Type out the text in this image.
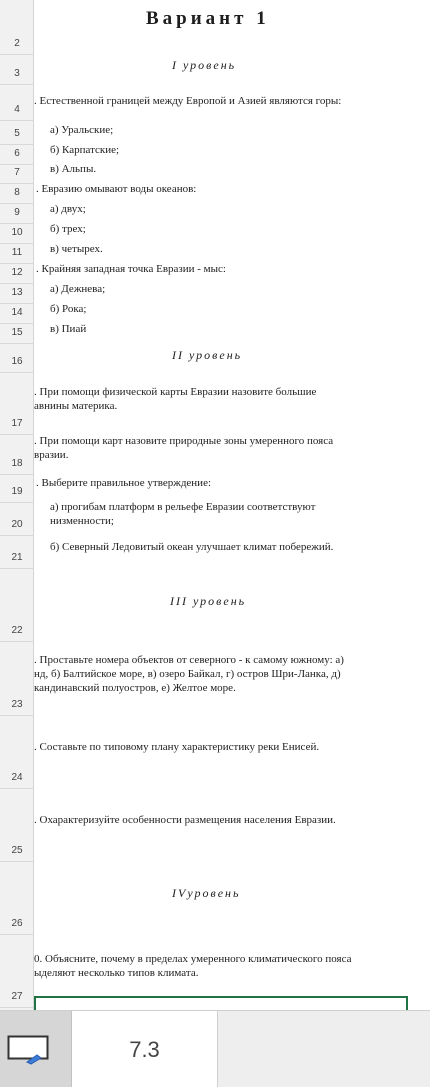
2
3
4
5
6
7
8
9
10
11
12
13
14
15
16
17
18
19
20
21
22
23
24
25
26
27
Вариант 1
I уровень
. Естественной границей между Европой и Азией являются горы:
а) Уральские;
б) Карпатские;
в) Альпы.
. Евразию омывают воды океанов:
а) двух;
б) трех;
в) четырех.
. Крайняя западная точка Евразии - мыс:
а) Дежнева;
б) Рока;
в) Пиай
II уровень
. При помощи физической карты Евразии назовите большие
авнины материка.
. При помощи карт назовите природные зоны умеренного пояса
вразии.
. Выберите правильное утверждение:
а) прогибам платформ в рельефе Евразии соответствуют
низменности;
б) Северный Ледовитый океан улучшает климат побережий.
III уровень
. Проставьте номера объектов от северного - к самому южному: а)
нд, б) Балтийское море, в) озеро Байкал, г) остров Шри-Ланка, д)
кандинавский полуостров, е) Желтое море.
. Составьте по типовому плану характеристику реки Енисей.
. Охарактеризуйте особенности размещения населения Евразии.
IVуровень
0. Объясните, почему в пределах умеренного климатического пояса
ыделяют несколько типов климата.
7.3
